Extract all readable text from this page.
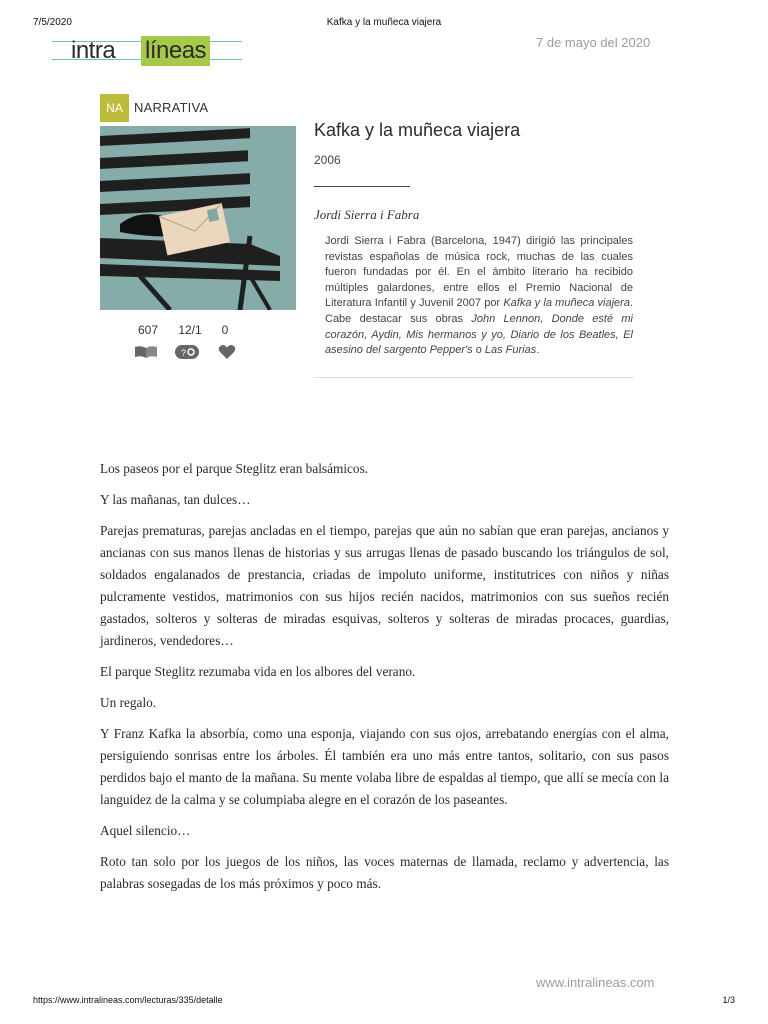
7/5/2020	Kafka y la muñeca viajera
intra líneas	7 de mayo del 2020
NA NARRATIVA
Kafka y la muñeca viajera
2006
Jordi Sierra i Fabra
Jordi Sierra i Fabra (Barcelona, 1947) dirigió las principales revistas españolas de música rock, muchas de las cuales fueron fundadas por él. En el ámbito literario ha recibido múltiples galardones, entre ellos el Premio Nacional de Literatura Infantil y Juvenil 2007 por Kafka y la muñeca viajera. Cabe destacar sus obras John Lennon, Donde esté mi corazón, Aydin, Mis hermanos y yo, Diario de los Beatles, El asesino del sargento Pepper's o Las Furias.
607	12/1	0
?

Los paseos por el parque Steglitz eran balsámicos.

Y las mañanas, tan dulces…

Parejas prematuras, parejas ancladas en el tiempo, parejas que aún no sabían que eran parejas, ancianos y ancianas con sus manos llenas de historias y sus arrugas llenas de pasado buscando los triángulos de sol, soldados engalanados de prestancia, criadas de impoluto uniforme, institutrices con niños y niñas pulcramente vestidos, matrimonios con sus hijos recién nacidos, matrimonios con sus sueños recién gastados, solteros y solteras de miradas esquivas, solteros y solteras de miradas procaces, guardias, jardineros, vendedores…

El parque Steglitz rezumaba vida en los albores del verano.

Un regalo.

Y Franz Kafka la absorbía, como una esponja, viajando con sus ojos, arrebatando energías con el alma, persiguiendo sonrisas entre los árboles. Él también era uno más entre tantos, solitario, con sus pasos perdidos bajo el manto de la mañana. Su mente volaba libre de espaldas al tiempo, que allí se mecía con la languidez de la calma y se columpiaba alegre en el corazón de los paseantes.

Aquel silencio…

Roto tan solo por los juegos de los niños, las voces maternas de llamada, reclamo y advertencia, las palabras sosegadas de los más próximos y poco más.

www.intralineas.com
https://www.intralineas.com/lecturas/335/detalle	1/3
